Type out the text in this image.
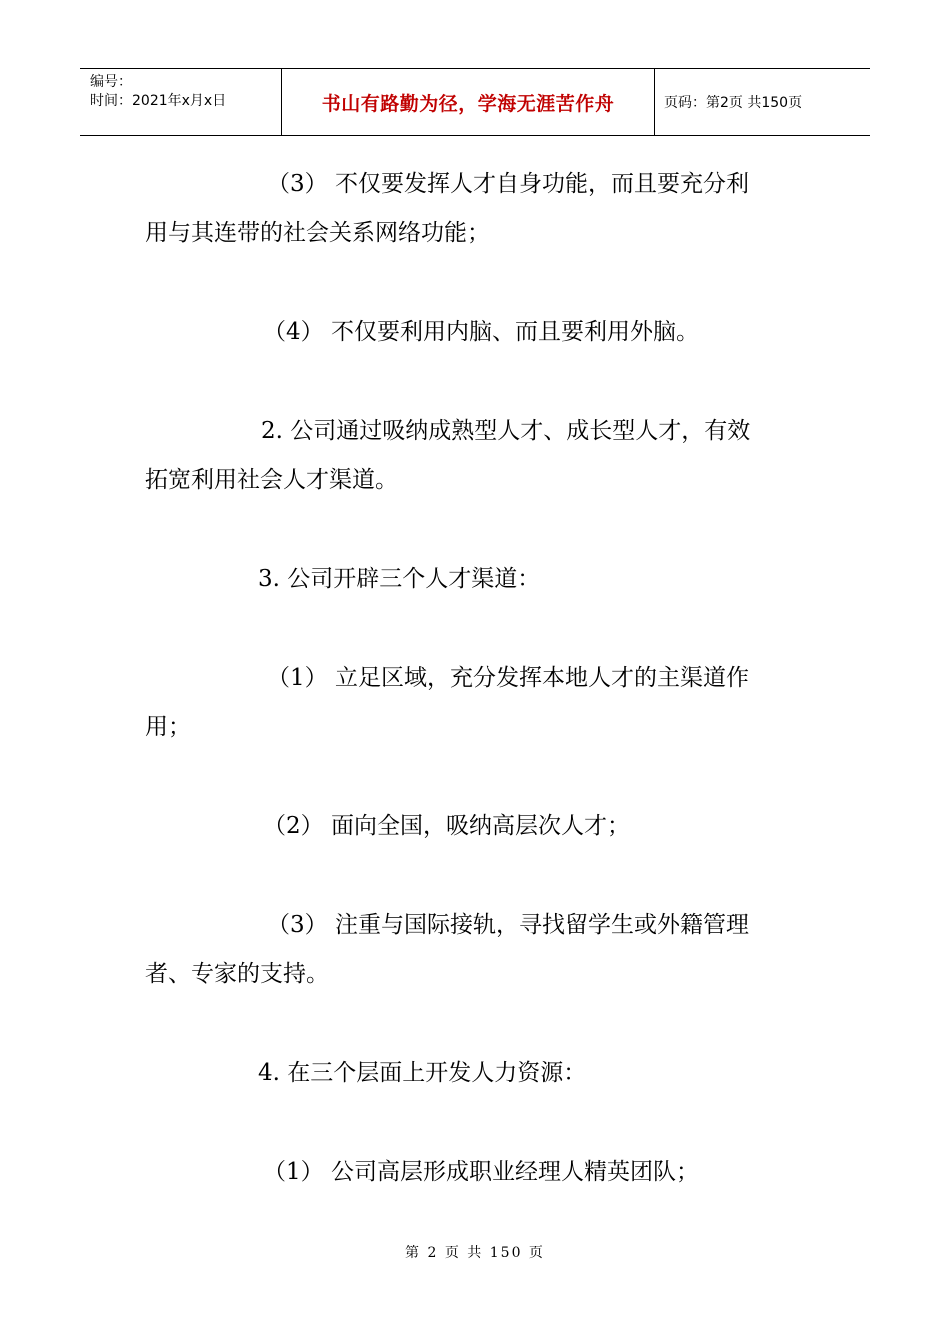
编号：
时间：2021年x月x日	书山有路勤为径，学海无涯苦作舟	页码：第2页 共150页
（3） 不仅要发挥人才自身功能，而且要充分利
用与其连带的社会关系网络功能；
（4） 不仅要利用内脑、而且要利用外脑。
2. 公司通过吸纳成熟型人才、成长型人才，有效
拓宽利用社会人才渠道。
3. 公司开辟三个人才渠道：
（1） 立足区域，充分发挥本地人才的主渠道作
用；
（2） 面向全国，吸纳高层次人才；
（3） 注重与国际接轨，寻找留学生或外籍管理
者、专家的支持。
4. 在三个层面上开发人力资源：
（1） 公司高层形成职业经理人精英团队；
第 2 页 共 150 页
